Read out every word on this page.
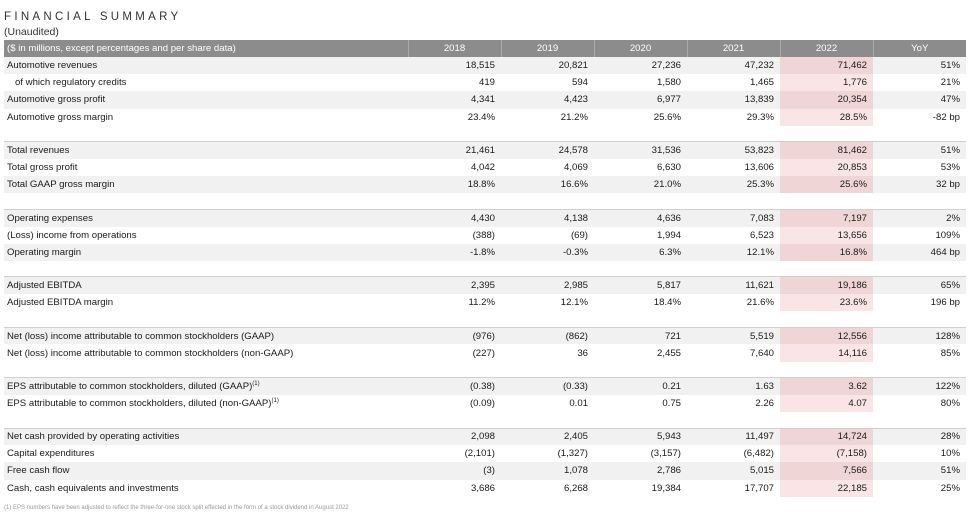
FINANCIAL SUMMARY
(Unaudited)
($ in millions, except percentages and per share data)	2018	2019	2020	2021	2022	YoY
Automotive revenues	18,515	20,821	27,236	47,232	71,462	51%
of which regulatory credits	419	594	1,580	1,465	1,776	21%
Automotive gross profit	4,341	4,423	6,977	13,839	20,354	47%
Automotive gross margin	23.4%	21.2%	25.6%	29.3%	28.5%	-82 bp

Total revenues	21,461	24,578	31,536	53,823	81,462	51%
Total gross profit	4,042	4,069	6,630	13,606	20,853	53%
Total GAAP gross margin	18.8%	16.6%	21.0%	25.3%	25.6%	32 bp

Operating expenses	4,430	4,138	4,636	7,083	7,197	2%
(Loss) income from operations	(388)	(69)	1,994	6,523	13,656	109%
Operating margin	-1.8%	-0.3%	6.3%	12.1%	16.8%	464 bp

Adjusted EBITDA	2,395	2,985	5,817	11,621	19,186	65%
Adjusted EBITDA margin	11.2%	12.1%	18.4%	21.6%	23.6%	196 bp

Net (loss) income attributable to common stockholders (GAAP)	(976)	(862)	721	5,519	12,556	128%
Net (loss) income attributable to common stockholders (non-GAAP)	(227)	36	2,455	7,640	14,116	85%

EPS attributable to common stockholders, diluted (GAAP)$^{(1)}$	(0.38)	(0.33)	0.21	1.63	3.62	122%
EPS attributable to common stockholders, diluted (non-GAAP)$^{(1)}$	(0.09)	0.01	0.75	2.26	4.07	80%

Net cash provided by operating activities	2,098	2,405	5,943	11,497	14,724	28%
Capital expenditures	(2,101)	(1,327)	(3,157)	(6,482)	(7,158)	10%
Free cash flow	(3)	1,078	2,786	5,015	7,566	51%
Cash, cash equivalents and investments	3,686	6,268	19,384	17,707	22,185	25%
(1) EPS numbers have been adjusted to reflect the three-for-one stock split effected in the form of a stock dividend in August 2022
